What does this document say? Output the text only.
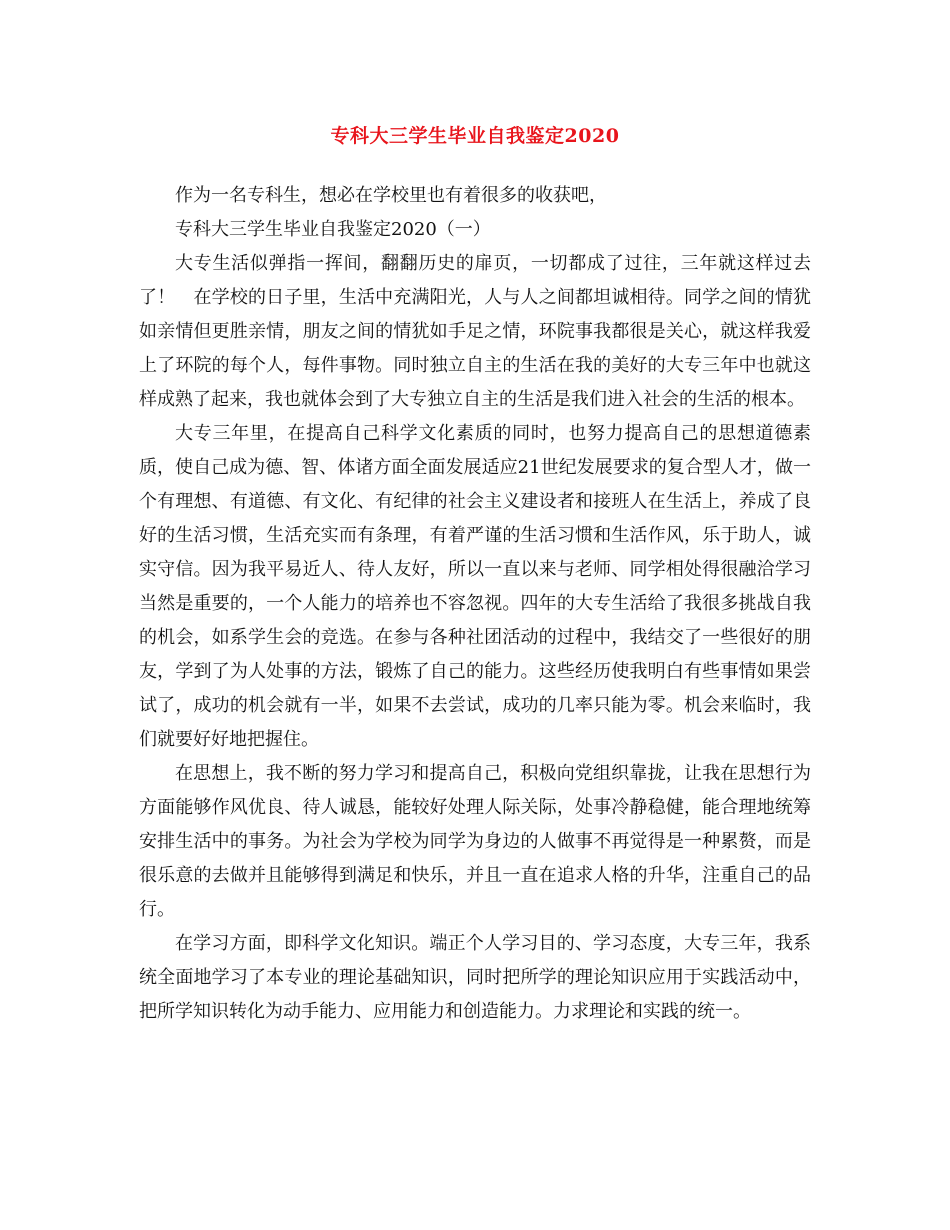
专科大三学生毕业自我鉴定2020

作为一名专科生，想必在学校里也有着很多的收获吧，

专科大三学生毕业自我鉴定2020（一）

大专生活似弹指一挥间，翻翻历史的扉页，一切都成了过往，三年就这样过去了！　在学校的日子里，生活中充满阳光，人与人之间都坦诚相待。同学之间的情犹如亲情但更胜亲情，朋友之间的情犹如手足之情，环院事我都很是关心，就这样我爱上了环院的每个人，每件事物。同时独立自主的生活在我的美好的大专三年中也就这样成熟了起来，我也就体会到了大专独立自主的生活是我们进入社会的生活的根本。

大专三年里，在提高自己科学文化素质的同时，也努力提高自己的思想道德素质，使自己成为德、智、体诸方面全面发展适应21世纪发展要求的复合型人才，做一个有理想、有道德、有文化、有纪律的社会主义建设者和接班人在生活上，养成了良好的生活习惯，生活充实而有条理，有着严谨的生活习惯和生活作风，乐于助人，诚实守信。因为我平易近人、待人友好，所以一直以来与老师、同学相处得很融洽学习当然是重要的，一个人能力的培养也不容忽视。四年的大专生活给了我很多挑战自我的机会，如系学生会的竞选。在参与各种社团活动的过程中，我结交了一些很好的朋友，学到了为人处事的方法，锻炼了自己的能力。这些经历使我明白有些事情如果尝试了，成功的机会就有一半，如果不去尝试，成功的几率只能为零。机会来临时，我们就要好好地把握住。

在思想上，我不断的努力学习和提高自己，积极向党组织靠拢，让我在思想行为方面能够作风优良、待人诚恳，能较好处理人际关际，处事冷静稳健，能合理地统筹安排生活中的事务。为社会为学校为同学为身边的人做事不再觉得是一种累赘，而是很乐意的去做并且能够得到满足和快乐，并且一直在追求人格的升华，注重自己的品行。

在学习方面，即科学文化知识。端正个人学习目的、学习态度，大专三年，我系统全面地学习了本专业的理论基础知识，同时把所学的理论知识应用于实践活动中，把所学知识转化为动手能力、应用能力和创造能力。力求理论和实践的统一。
